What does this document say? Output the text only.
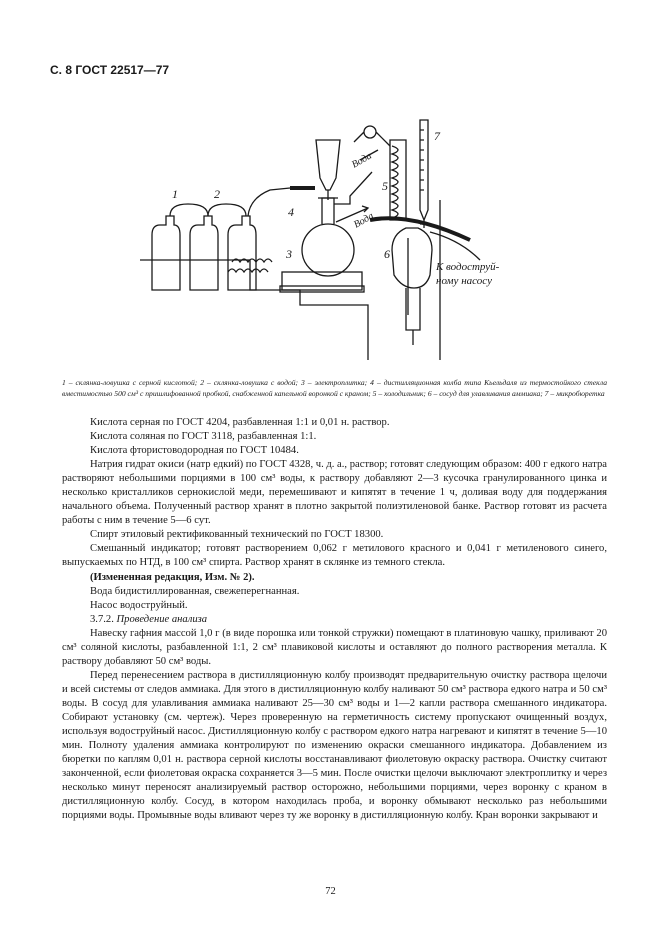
С. 8 ГОСТ 22517—77
1	2
3
4
5
6
7
Вода
Вода
К водоструй-
ному насосу
1 – склянка-ловушка с серной кислотой; 2 – склянка-ловушка с водой; 3 – электроплитка; 4 – дистилляционная колба типа Кьельдаля из термостойкого стекла вместимостью 500 см³ с пришлифованной пробкой, снабженной капельной воронкой с краном; 5 – холодильник; 6 – сосуд для улавливания аммиака; 7 – микробюретка

Кислота серная по ГОСТ 4204, разбавленная 1:1 и 0,01 н. раствор.

Кислота соляная по ГОСТ 3118, разбавленная 1:1.

Кислота фтористоводородная по ГОСТ 10484.

Натрия гидрат окиси (натр едкий) по ГОСТ 4328, ч. д. а., раствор; готовят следующим образом: 400 г едкого натра растворяют небольшими порциями в 100 см³ воды, к раствору добавляют 2—3 кусочка гранулированного цинка и несколько кристалликов сернокислой меди, перемешивают и кипятят в течение 1 ч, доливая воду для поддержания начального объема. Полученный раствор хранят в плотно закрытой полиэтиленовой банке. Раствор готовят из расчета работы с ним в течение 5—6 сут.

Спирт этиловый ректификованный технический по ГОСТ 18300.

Смешанный индикатор; готовят растворением 0,062 г метилового красного и 0,041 г метиленового синего, выпускаемых по НТД, в 100 см³ спирта. Раствор хранят в склянке из темного стекла.

(Измененная редакция, Изм. № 2).

Вода бидистиллированная, свежеперегнанная.

Насос водоструйный.

3.7.2. Проведение анализа

Навеску гафния массой 1,0 г (в виде порошка или тонкой стружки) помещают в платиновую чашку, приливают 20 см³ соляной кислоты, разбавленной 1:1, 2 см³ плавиковой кислоты и оставляют до полного растворения металла. К раствору добавляют 50 см³ воды.

Перед перенесением раствора в дистилляционную колбу производят предварительную очистку раствора щелочи и всей системы от следов аммиака. Для этого в дистилляционную колбу наливают 50 см³ раствора едкого натра и 50 см³ воды. В сосуд для улавливания аммиака наливают 25—30 см³ воды и 1—2 капли раствора смешанного индикатора. Собирают установку (см. чертеж). Через проверенную на герметичность систему пропускают очищенный воздух, используя водоструйный насос. Дистилляционную колбу с раствором едкого натра нагревают и кипятят в течение 5—10 мин. Полноту удаления аммиака контролируют по изменению окраски смешанного индикатора. Добавлением из бюретки по каплям 0,01 н. раствора серной кислоты восстанавливают фиолетовую окраску раствора. Очистку считают законченной, если фиолетовая окраска сохраняется 3—5 мин. После очистки щелочи выключают электроплитку и через несколько минут переносят анализируемый раствор осторожно, небольшими порциями, через воронку с краном в дистилляционную колбу. Сосуд, в котором находилась проба, и воронку обмывают несколько раз небольшими порциями воды. Промывные воды вливают через ту же воронку в дистилляционную колбу. Кран воронки закрывают и

72
